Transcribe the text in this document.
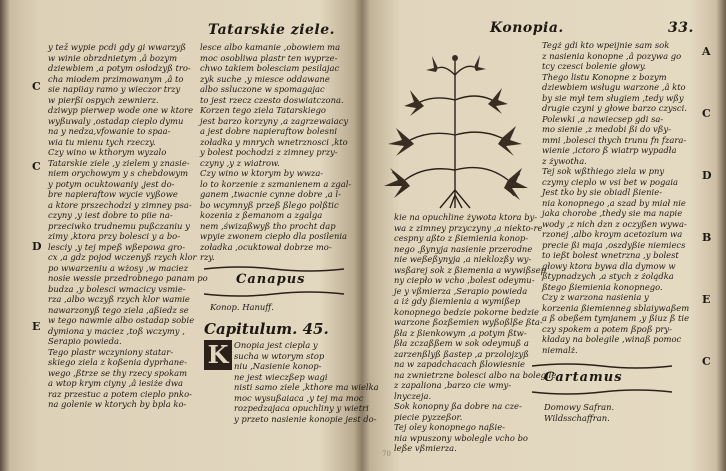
Tatarskie ziele.
y tež wypie pcdi gdy gi wwarzyß
w winie obrzdnietym ,â bozym
dziewbiem ,a potym osłodzyß tro-
cha miodem przimowanym ,â to
sie napiiay ramo y wieczor trzy
w pierßi ospych zewnierz.
dziwyp pierwep wode one w ktore
wyßuwaly ,ostadap cieplo dymu
na y nedza,vfowanie to spaa-
wia tu mienu tych rzeczy.
Czy wino w kthorym wyzalo
Tatarskie ziele ,y zielem y znasie-
niem orychowym y s chebdowym
y potym ocuktowaniy ,jest do-
bre napieraftow wycie vyßowe
a ktore prszechodzi y zimney psa-
czyny ,y iest dobre to piie na-
przeciwko trudnemu pußczaniu y
zimy ,ktora przy bolesci y a bo-
lesciy ,y tej mpeß wßepowa gro-
cx ,a gdz pojod wczenyß rzych klor
po wwarzeniu a wżosy ,w maciez
nosie wessie przedrobnego panam po
budza ,y bolesci wmacicy vsmie-
rza ,albo wczyß rzych klor wamie
nawarzonyß tego ziela ,aßiedz se
w tego nawmie albo ostadap sobie
dymiona y maciez ,toß wczymy ,
Serapio powieda.
Tego plastr wczyniony statar-
skiego ziela z koßenia dyprhane-
wego ,ßtrze se thy rzecy spokam
a wtop krym ciyny ,â iesiże dwa
raz przestuc a potem cieplo pnko-
na golenie w ktorych by bpla ko-
lesce albo kamanie ,obowiem ma
moc osobliwa plastr ten wyprze-
chwo takiem bolesciam pesilajac
zyk suche ,y miesce oddawane
albo ssluczone w spomagajac
to jest rzecz czesto doswiatczona.
Korzen tego ziela Tatarskiego
jest barzo korzyny ,a zagrzewaiacy
a jest dobre napieraftow bolesni
zoładka y mnrych wnetrznosci ,kto
y bolest pochodzi z zimney przy-
czyny ,y z wiatrow.
Czy wino w ktorym by wwza-
lo to korzenie z szmanienem a zgal-
ganem ,twacnie cynne dobre ,a l-
bo wcymnyß przeß ßlego polßtic
kozenia z ßemanom a zgalga
nem ,świzaßwyß tho procht dap
wpyie zwonem ciepło dla posilenia
zoładka ,ocuktował dobrze mo-
rzy.
Canapus
Konop. Hanuff.
Capitulum. 45.
K Onopia jest ciepla y
sucha w wtorym stop
niu ,Nasienie konop-
ne jest wieczßep wagi
nisti samo ziele ,kthore ma wielka
moc wysußaiaca ,y tej ma moc
rozpedzajaca opuchliny y wietri
y przeto nasienie konopie jest do-
C
C
D
E
Konopia.	33.
Tegż gdi kto wpeijnie sam sok
z nasienia konopne ,â pozywa go
tcy czesci bolenie głowy.
Thego listu Konopne z bozym
dziewbiem wsługu warzone ,â kto
by sie mył tem sługiem ,tedy wßy
drugie czyni y głowe barzo czysci.
Polewki ,a nawiecsep gdi sa-
mo sienie ,z medobi ßi do vßy-
mmi ,bolesci thych trunu fn fzara-
wienie ,ictoro ß wiatrp wypadła
z żywotha.
Tej sok wßthiego ziela w pny
czymy cieplo w vsi bet w pogaia
Jest tko by sie obiadl ßienie-
nia konopnego ,a szad by miał nie
jaka chorobe ,thedy sie ma napie
wody ,z nich dzn z oczyßen wywa-
rzonej ,albo kroym acetozium wa
precie ßi maja ,oszdyßie niemiecs
to ießt bolest wnetrzna ,y bolest
głowy ktora bywa dla dymow w
ßtypnadzych ,a stych z żolądka
ßtego ßiemienia konopnego.
Czy z warzona nasienia y
korzenia ßiemienneg sblaiywaßem
a ß obeßem tymjanem ,y ßiuz ß tie
czy spokem a potem ßpoß pry-
kładay na bolegile ,winaß pomoc
niemalż.
kie na opuchline żywota ktora by-
wa z zimney przyczyny ,a niekto-re
cespny aßto z ßiemienia konop-
nego ,ßynyja nasienie przerodne
nie weßeßynyja ,a nieklozßy wy-
wsßarej sok z ßiemenia a wywißsep
ny ciepło w vcho ,bolest odeymu-
je y vßmierza ,Serapio powieda
a iż gdy ßiemienia a wymißep
konopnego bedzie pokorne bedzie
warzone ßozßemien wyßoßlße ßta-
ßła z ßienkowym ,a potym ßtw-
ßła zczaßßem w sok odeymuß a
zarzenßlyß ßastep ,a przolojzyß
na w zapadchacach ßlowiesnie
na zwnietrzne bolesci albo na bolegile
z zapaliona ,barzo cie wmy-
lnyczeja.
Sok konopny ßa dobre na cze-
piecie pyzzeßor.
Tej oley konopnego naßie-
nia wpuszony wbolegle vcho bo
leße vßmierza.
Cartamus
Domowy Safran.
Wildsschaffran.
70
A
C
D
B
E
C
